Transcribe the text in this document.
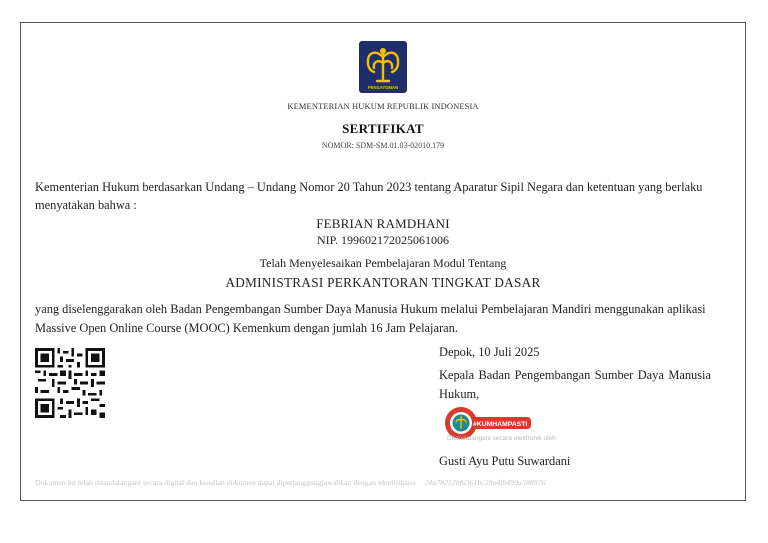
PENGAYOMAN
KEMENTERIAN HUKUM REPUBLIK INDONESIA
SERTIFIKAT
NOMOR: SDM-SM.01.03-02010.179
Kementerian Hukum berdasarkan Undang – Undang Nomor 20 Tahun 2023 tentang Aparatur Sipil Negara dan ketentuan yang berlaku menyatakan bahwa :
FEBRIAN RAMDHANI
NIP. 199602172025061006
Telah Menyelesaikan Pembelajaran Modul Tentang
ADMINISTRASI PERKANTORAN TINGKAT DASAR
yang diselenggarakan oleh Badan Pengembangan Sumber Daya Manusia Hukum melalui Pembelajaran Mandiri menggunakan aplikasi Massive Open Online Course (MOOC) Kemenkum dengan jumlah 16 Jam Pelajaran.
Depok, 10 Juli 2025
Kepala Badan Pengembangan Sumber Daya Manusia Hukum,
#KUMHAMPASTI
Ditandatangani secara elektronik oleh
Gusti Ayu Putu Suwardani
Dokumen ini telah ditandatangani secara digital dan keaslian dokumen dapat dipertanggungjawabkan dengan identifikator 24a78212bf6361bc28a4fb499a388976
